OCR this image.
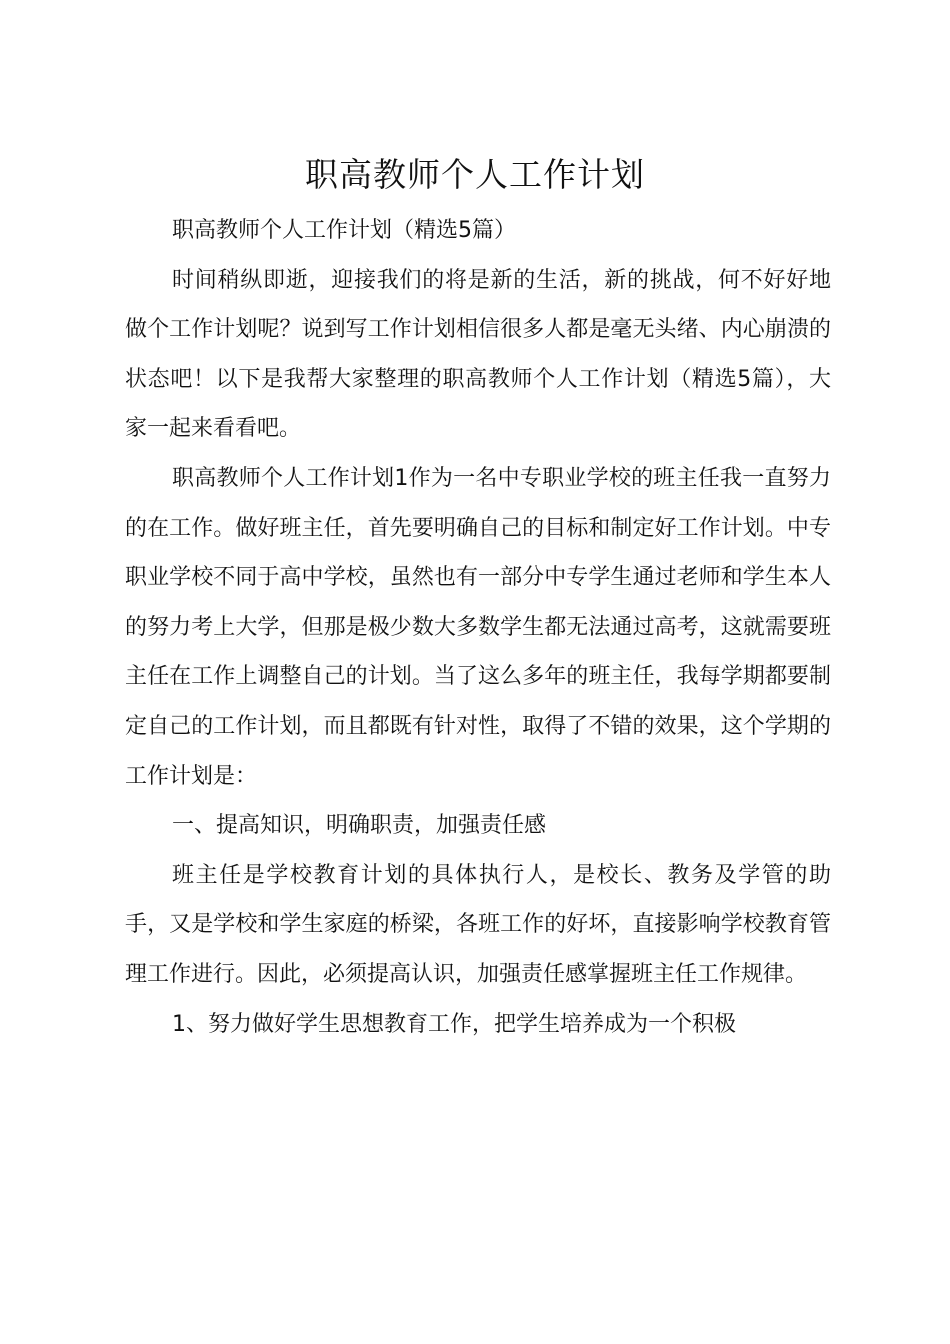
职高教师个人工作计划

职高教师个人工作计划（精选5篇）

时间稍纵即逝，迎接我们的将是新的生活，新的挑战，何不好好地做个工作计划呢？说到写工作计划相信很多人都是毫无头绪、内心崩溃的状态吧！以下是我帮大家整理的职高教师个人工作计划（精选5篇），大家一起来看看吧。

职高教师个人工作计划1作为一名中专职业学校的班主任我一直努力的在工作。做好班主任，首先要明确自己的目标和制定好工作计划。中专职业学校不同于高中学校，虽然也有一部分中专学生通过老师和学生本人的努力考上大学，但那是极少数大多数学生都无法通过高考，这就需要班主任在工作上调整自己的计划。当了这么多年的班主任，我每学期都要制定自己的工作计划，而且都既有针对性，取得了不错的效果，这个学期的工作计划是：

一、提高知识，明确职责，加强责任感

班主任是学校教育计划的具体执行人，是校长、教务及学管的助手，又是学校和学生家庭的桥梁，各班工作的好坏，直接影响学校教育管理工作进行。因此，必须提高认识，加强责任感掌握班主任工作规律。

1、努力做好学生思想教育工作，把学生培养成为一个积极
